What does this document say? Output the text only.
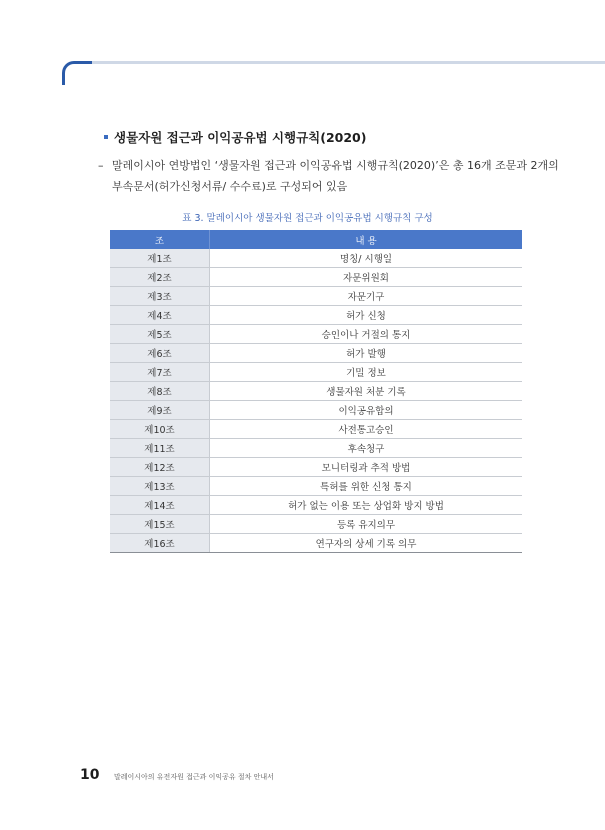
생물자원 접근과 이익공유법 시행규칙(2020)
– 말레이시아 연방법인 ‘생물자원 접근과 이익공유법 시행규칙(2020)’은 총 16개 조문과 2개의
부속문서(허가신청서류/ 수수료)로 구성되어 있음
표 3. 말레이시아 생물자원 접근과 이익공유법 시행규칙 구성
조	내 용
제1조	명칭/ 시행일
제2조	자문위원회
제3조	자문기구
제4조	허가 신청
제5조	승인이나 거절의 통지
제6조	허가 발행
제7조	기밀 정보
제8조	생물자원 처분 기록
제9조	이익공유합의
제10조	사전통고승인
제11조	후속청구
제12조	모니터링과 추적 방법
제13조	특허를 위한 신청 통지
제14조	허가 없는 이용 또는 상업화 방지 방법
제15조	등록 유지의무
제16조	연구자의 상세 기록 의무
10 말레이시아의 유전자원 접근과 이익공유 절차 안내서
